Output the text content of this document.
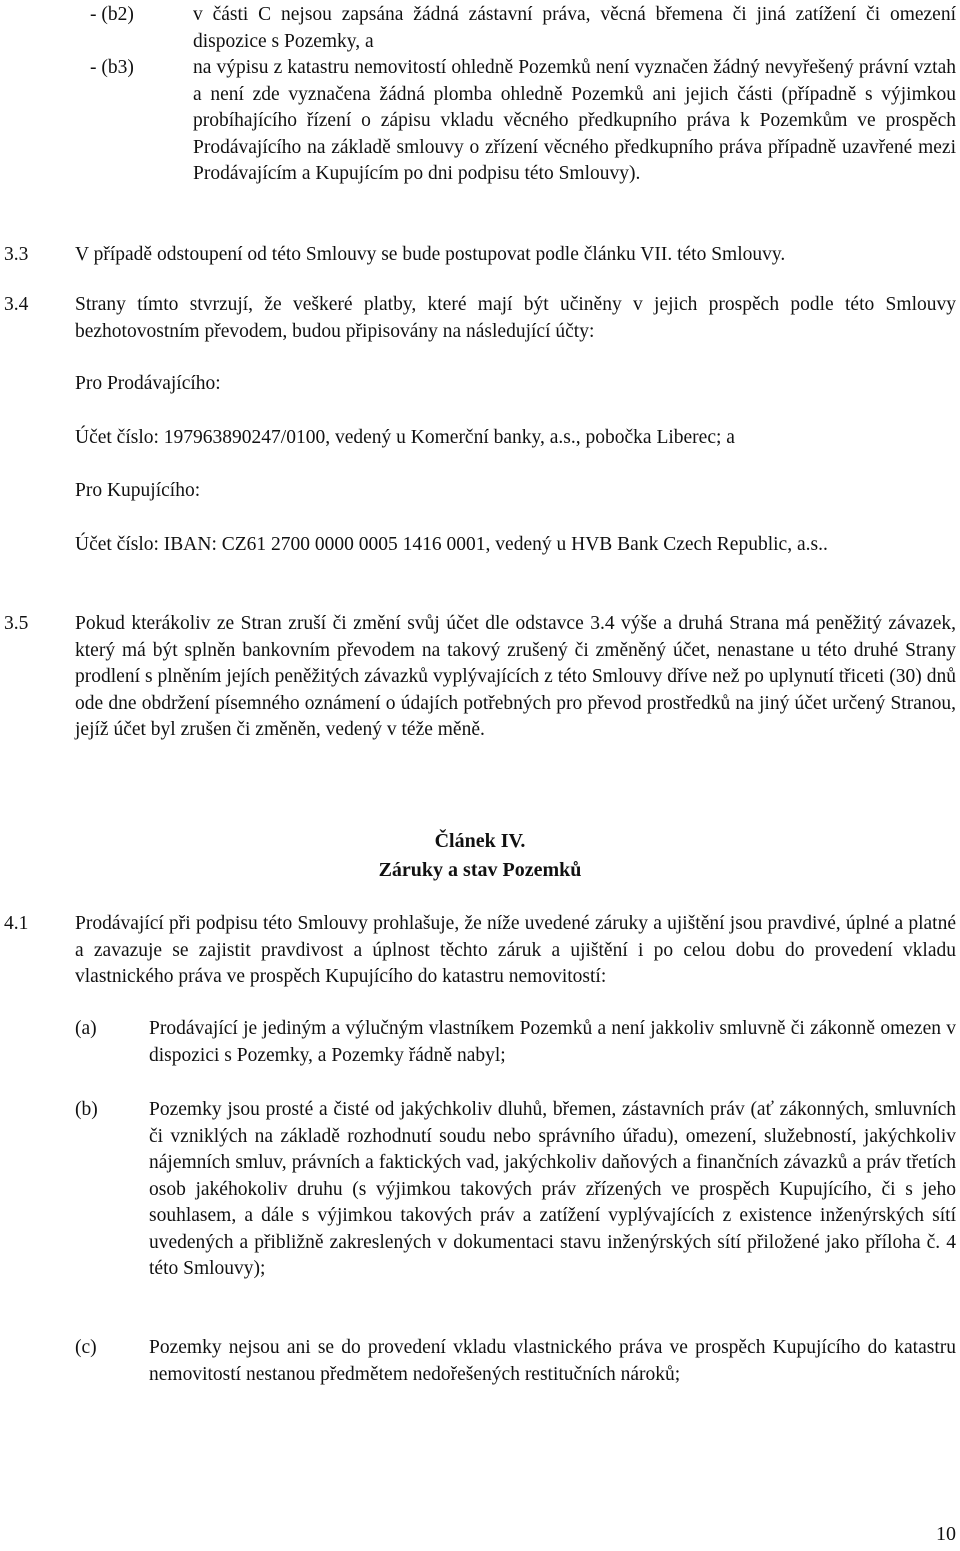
- (b2)	v části C nejsou zapsána žádná zástavní práva, věcná břemena či jiná zatížení či omezení dispozice s Pozemky, a
- (b3)	na výpisu z katastru nemovitostí ohledně Pozemků není vyznačen žádný nevyřešený právní vztah a není zde vyznačena žádná plomba ohledně Pozemků ani jejich části (případně s výjimkou probíhajícího řízení o zápisu vkladu věcného předkupního práva k Pozemkům ve prospěch Prodávajícího na základě smlouvy o zřízení věcného předkupního práva případně uzavřené mezi Prodávajícím a Kupujícím po dni podpisu této Smlouvy).
3.3 V případě odstoupení od této Smlouvy se bude postupovat podle článku VII. této Smlouvy.
3.4 Strany tímto stvrzují, že veškeré platby, které mají být učiněny v jejich prospěch podle této Smlouvy bezhotovostním převodem, budou připisovány na následující účty:
Pro Prodávajícího:
Účet číslo: 197963890247/0100, vedený u Komerční banky, a.s., pobočka Liberec; a
Pro Kupujícího:
Účet číslo: IBAN: CZ61 2700 0000 0005 1416 0001, vedený u HVB Bank Czech Republic, a.s..
3.5 Pokud kterákoliv ze Stran zruší či změní svůj účet dle odstavce 3.4 výše a druhá Strana má peněžitý závazek, který má být splněn bankovním převodem na takový zrušený či změněný účet, nenastane u této druhé Strany prodlení s plněním jejích peněžitých závazků vyplývajících z této Smlouvy dříve než po uplynutí třiceti (30) dnů ode dne obdržení písemného oznámení o údajích potřebných pro převod prostředků na jiný účet určený Stranou, jejíž účet byl zrušen či změněn, vedený v téže měně.
Článek IV.
Záruky a stav Pozemků
4.1 Prodávající při podpisu této Smlouvy prohlašuje, že níže uvedené záruky a ujištění jsou pravdivé, úplné a platné a zavazuje se zajistit pravdivost a úplnost těchto záruk a ujištění i po celou dobu do provedení vkladu vlastnického práva ve prospěch Kupujícího do katastru nemovitostí:
(a)	Prodávající je jediným a výlučným vlastníkem Pozemků a není jakkoliv smluvně či zákonně omezen v dispozici s Pozemky, a Pozemky řádně nabyl;
(b)	Pozemky jsou prosté a čisté od jakýchkoliv dluhů, břemen, zástavních práv (ať zákonných, smluvních či vzniklých na základě rozhodnutí soudu nebo správního úřadu), omezení, služebností, jakýchkoliv nájemních smluv, právních a faktických vad, jakýchkoliv daňových a finančních závazků a práv třetích osob jakéhokoliv druhu (s výjimkou takových práv zřízených ve prospěch Kupujícího, či s jeho souhlasem, a dále s výjimkou takových práv a zatížení vyplývajících z existence inženýrských sítí uvedených a přibližně zakreslených v dokumentaci stavu inženýrských sítí přiložené jako příloha č. 4 této Smlouvy);
(c)	Pozemky nejsou ani se do provedení vkladu vlastnického práva ve prospěch Kupujícího do katastru nemovitostí nestanou předmětem nedořešených restitučních nároků;
10
